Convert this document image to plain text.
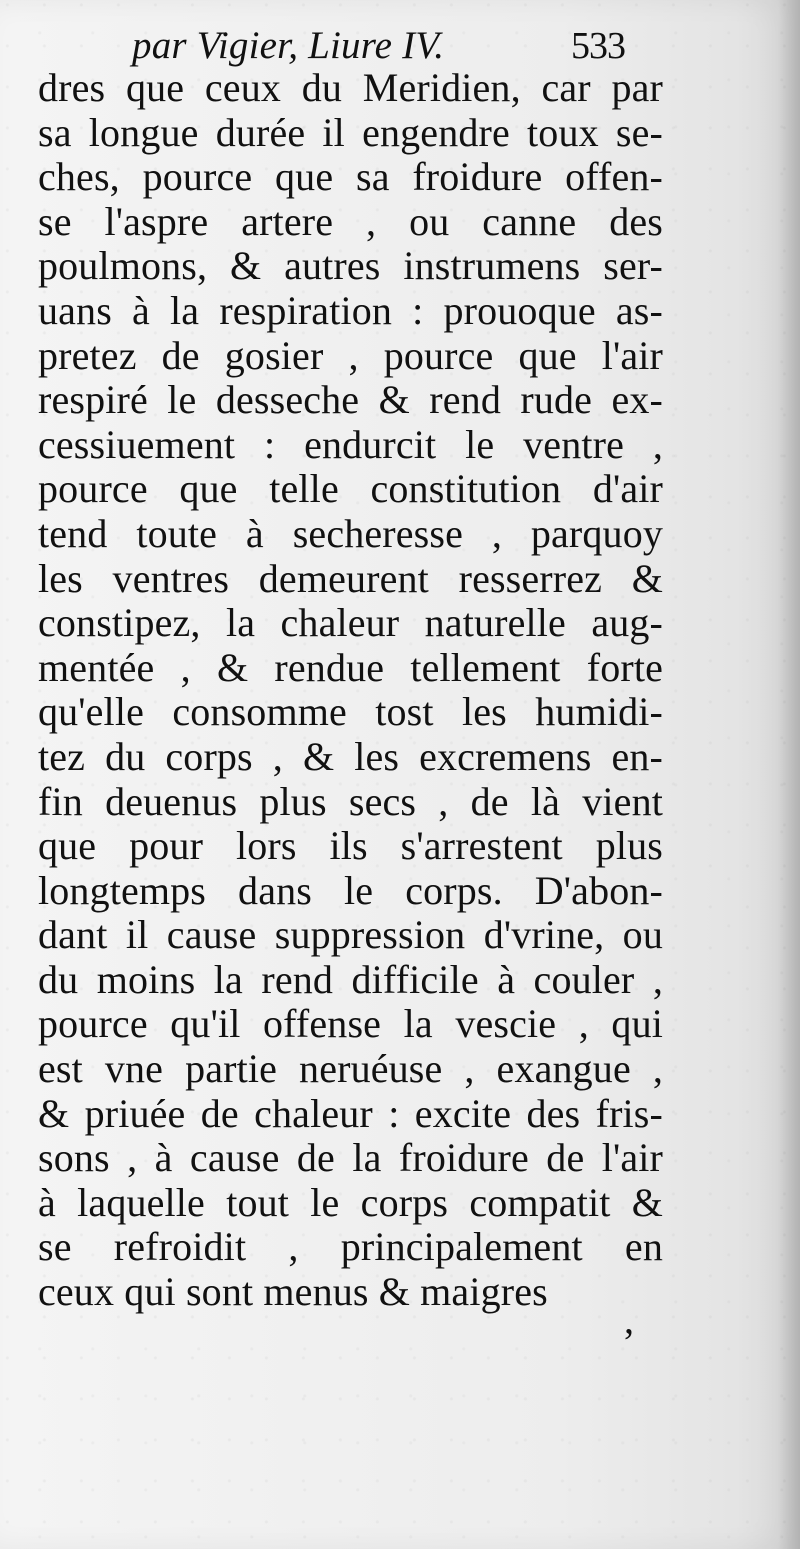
par Vigier, Liure IV.	533
dres que ceux du Meridien, car par
sa longue durée il engendre toux se-
ches, pource que sa froidure offen-
se l'aspre artere , ou canne des
poulmons, & autres instrumens ser-
uans à la respiration : prouoque as-
pretez de gosier , pource que l'air
respiré le desseche & rend rude ex-
cessiuement : endurcit le ventre ,
pource que telle constitution d'air
tend toute à secheresse , parquoy
les ventres demeurent resserrez &
constipez, la chaleur naturelle aug-
mentée , & rendue tellement forte
qu'elle consomme tost les humidi-
tez du corps , & les excremens en-
fin deuenus plus secs , de là vient
que pour lors ils s'arrestent plus
longtemps dans le corps. D'abon-
dant il cause suppression d'vrine, ou
du moins la rend difficile à couler ,
pource qu'il offense la vescie , qui
est vne partie neruéuse , exangue ,
& priuée de chaleur : excite des fris-
sons , à cause de la froidure de l'air
à laquelle tout le corps compatit &
se refroidit , principalement en
ceux qui sont menus & maigres
,
